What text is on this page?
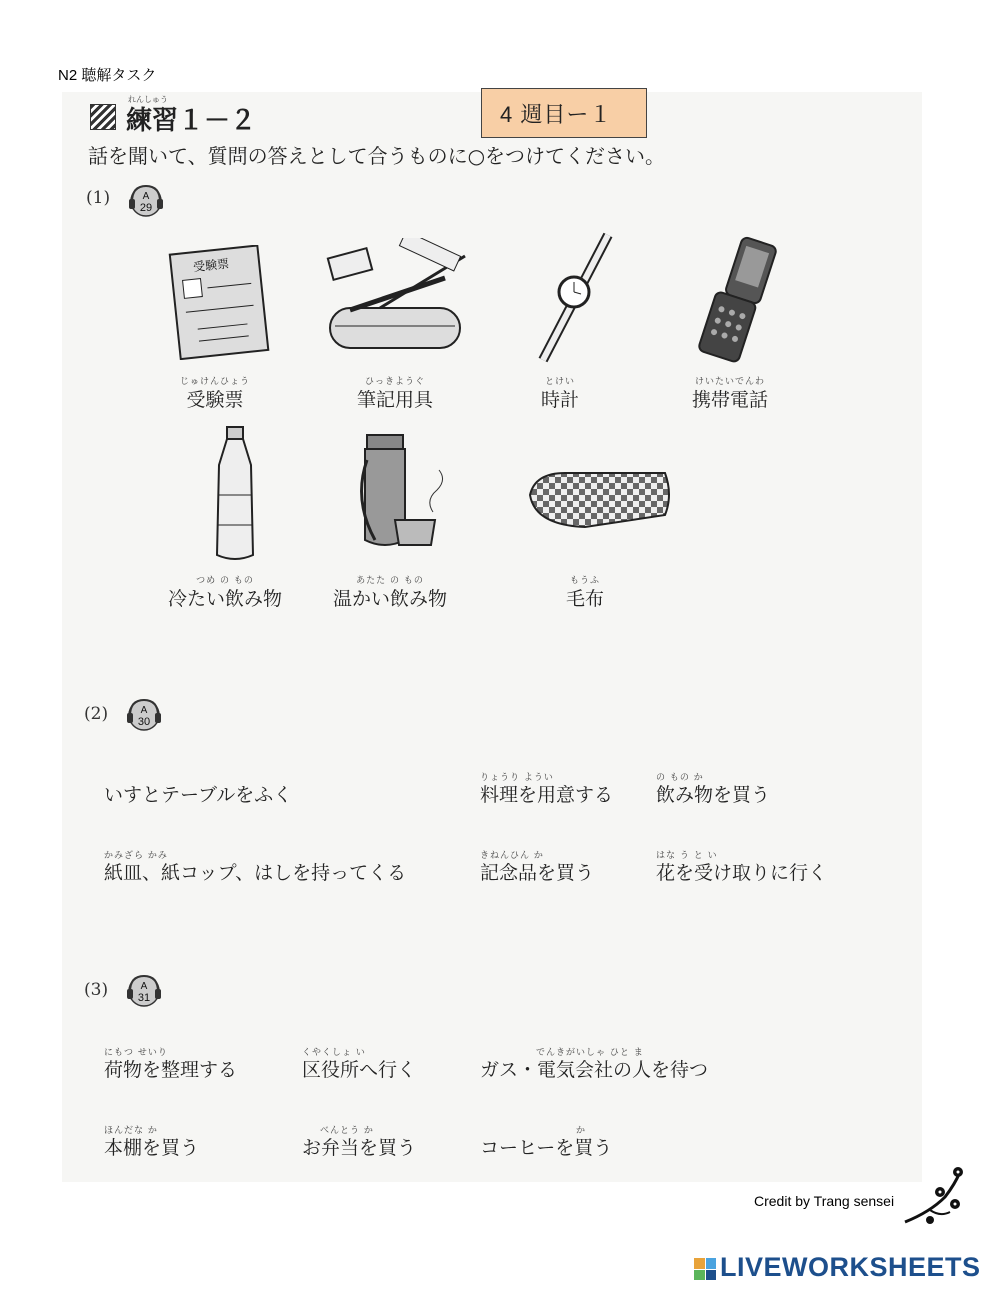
N2 聴解タスク
4 週目ー１
れんしゅう
練習１－２
話を聞いて、質問の答えとして合うものに○をつけてください。
(1)	A
29
受験票
じゅけんひょう
受験票
ひっきようぐ
筆記用具
とけい
時計
けいたいでんわ
携帯電話
つめ の もの
冷たい飲み物
あたた の もの
温かい飲み物
もうふ
毛布
(2)	A
30
いすとテーブルをふく
りょうり ようい
料理を用意する
の もの か
飲み物を買う
かみざら かみ
紙皿、紙コップ、はしを持ってくる
きねんひん か
記念品を買う
はな う と い
花を受け取りに行く
(3)	A
31
にもつ せいり
荷物を整理する
くやくしょ い
区役所へ行く
でんきがいしゃ ひと ま
ガス・電気会社の人を待つ
ほんだな か
本棚を買う
べんとう か
お弁当を買う
か
コーヒーを買う
Credit by Trang sensei
LIVEWORKSHEETS
